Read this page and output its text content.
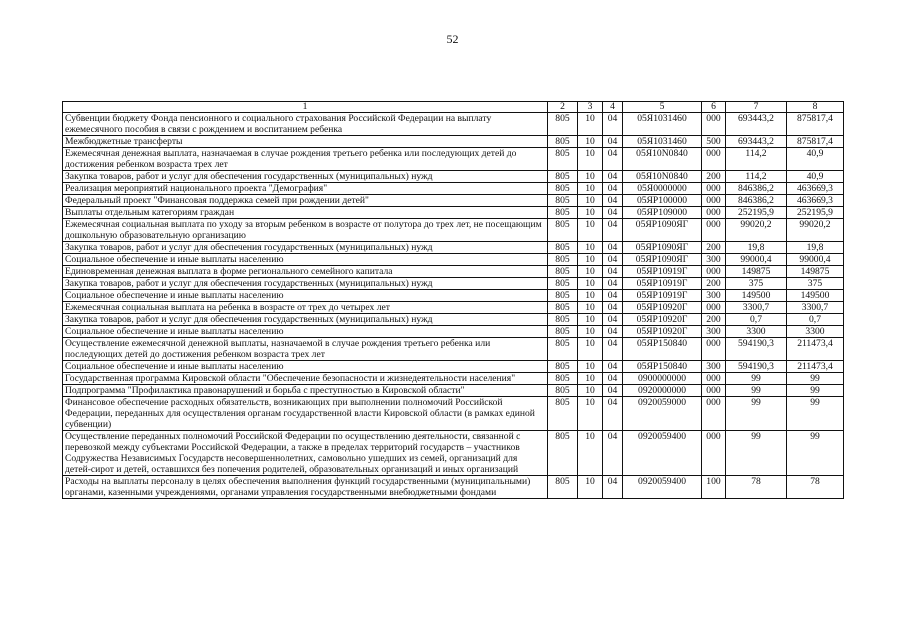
52
1	2	3	4	5	6	7	8
Субвенции бюджету Фонда пенсионного и социального страхования Российской Федерации на выплату ежемесячного пособия в связи с рождением и воспитанием ребенка	805	10	04	05Я1031460	000	693443,2	875817,4
Межбюджетные трансферты	805	10	04	05Я1031460	500	693443,2	875817,4
Ежемесячная денежная выплата, назначаемая в случае рождения третьего ребенка или последующих детей до достижения ребенком возраста трех лет	805	10	04	05Я10N0840	000	114,2	40,9
Закупка товаров, работ и услуг для обеспечения государственных (муниципальных) нужд	805	10	04	05Я10N0840	200	114,2	40,9
Реализация мероприятий национального проекта "Демография"	805	10	04	05Я0000000	000	846386,2	463669,3
Федеральный проект "Финансовая поддержка семей при рождении детей"	805	10	04	05ЯР100000	000	846386,2	463669,3
Выплаты отдельным категориям граждан	805	10	04	05ЯР109000	000	252195,9	252195,9
Ежемесячная социальная выплата по уходу за вторым ребенком в возрасте от полутора до трех лет, не посещающим дошкольную образовательную организацию	805	10	04	05ЯР1090ЯГ	000	99020,2	99020,2
Закупка товаров, работ и услуг для обеспечения государственных (муниципальных) нужд	805	10	04	05ЯР1090ЯГ	200	19,8	19,8
Социальное обеспечение и иные выплаты населению	805	10	04	05ЯР1090ЯГ	300	99000,4	99000,4
Единовременная денежная выплата в форме регионального семейного капитала	805	10	04	05ЯР10919Г	000	149875	149875
Закупка товаров, работ и услуг для обеспечения государственных (муниципальных) нужд	805	10	04	05ЯР10919Г	200	375	375
Социальное обеспечение и иные выплаты населению	805	10	04	05ЯР10919Г	300	149500	149500
Ежемесячная социальная выплата на ребенка в возрасте от трех до четырех лет	805	10	04	05ЯР10920Г	000	3300,7	3300,7
Закупка товаров, работ и услуг для обеспечения государственных (муниципальных) нужд	805	10	04	05ЯР10920Г	200	0,7	0,7
Социальное обеспечение и иные выплаты населению	805	10	04	05ЯР10920Г	300	3300	3300
Осуществление ежемесячной денежной выплаты, назначаемой в случае рождения третьего ребенка или последующих детей до достижения ребенком возраста трех лет	805	10	04	05ЯР150840	000	594190,3	211473,4
Социальное обеспечение и иные выплаты населению	805	10	04	05ЯР150840	300	594190,3	211473,4
Государственная программа Кировской области "Обеспечение безопасности и жизнедеятельности населения"	805	10	04	0900000000	000	99	99
Подпрограмма "Профилактика правонарушений и борьба с преступностью в Кировской области"	805	10	04	0920000000	000	99	99
Финансовое обеспечение расходных обязательств, возникающих при выполнении полномочий Российской Федерации, переданных для осуществления органам государственной власти Кировской области (в рамках единой субвенции)	805	10	04	0920059000	000	99	99
Осуществление переданных полномочий Российской Федерации по осуществлению деятельности, связанной с перевозкой между субъектами Российской Федерации, а также в пределах территорий государств – участников Содружества Независимых Государств несовершеннолетних, самовольно ушедших из семей, организаций для детей-сирот и детей, оставшихся без попечения родителей, образовательных организаций и иных организаций	805	10	04	0920059400	000	99	99
Расходы на выплаты персоналу в целях обеспечения выполнения функций государственными (муниципальными) органами, казенными учреждениями, органами управления государственными внебюджетными фондами	805	10	04	0920059400	100	78	78
